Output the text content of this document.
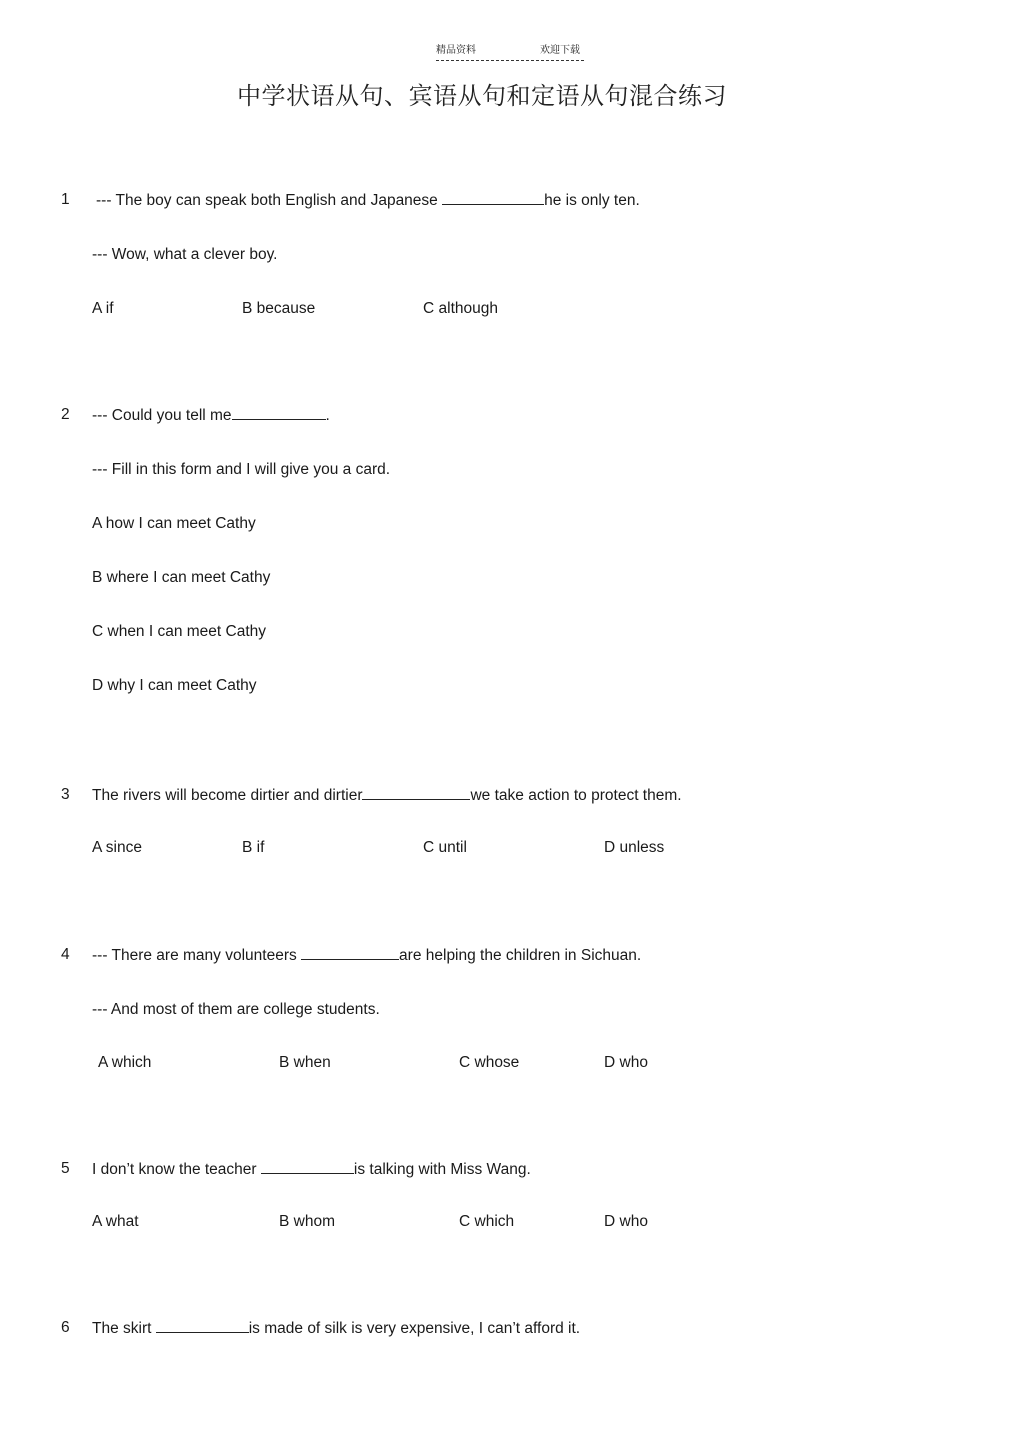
精品资料	欢迎下载
中学状语从句、宾语从句和定语从句混合练习
1 --- The boy can speak both English and Japanese	he is only ten.
--- Wow, what a clever boy.
A if	B because	C although
2 --- Could you tell me	.
--- Fill in this form and I will give you a card.
A how I can meet Cathy
B where I can meet Cathy
C when I can meet Cathy
D why I can meet Cathy
3 The rivers will become dirtier and dirtier	we take action to protect them.
A since	B if	C until	D unless
4 --- There are many volunteers	are helping the children in Sichuan.
--- And most of them are college students.
A which	B when	C whose	D who
5 I don’t know the teacher	is talking with Miss Wang.
A what	B whom	C which	D who
6 The skirt	is made of silk is very expensive, I can’t afford it.
